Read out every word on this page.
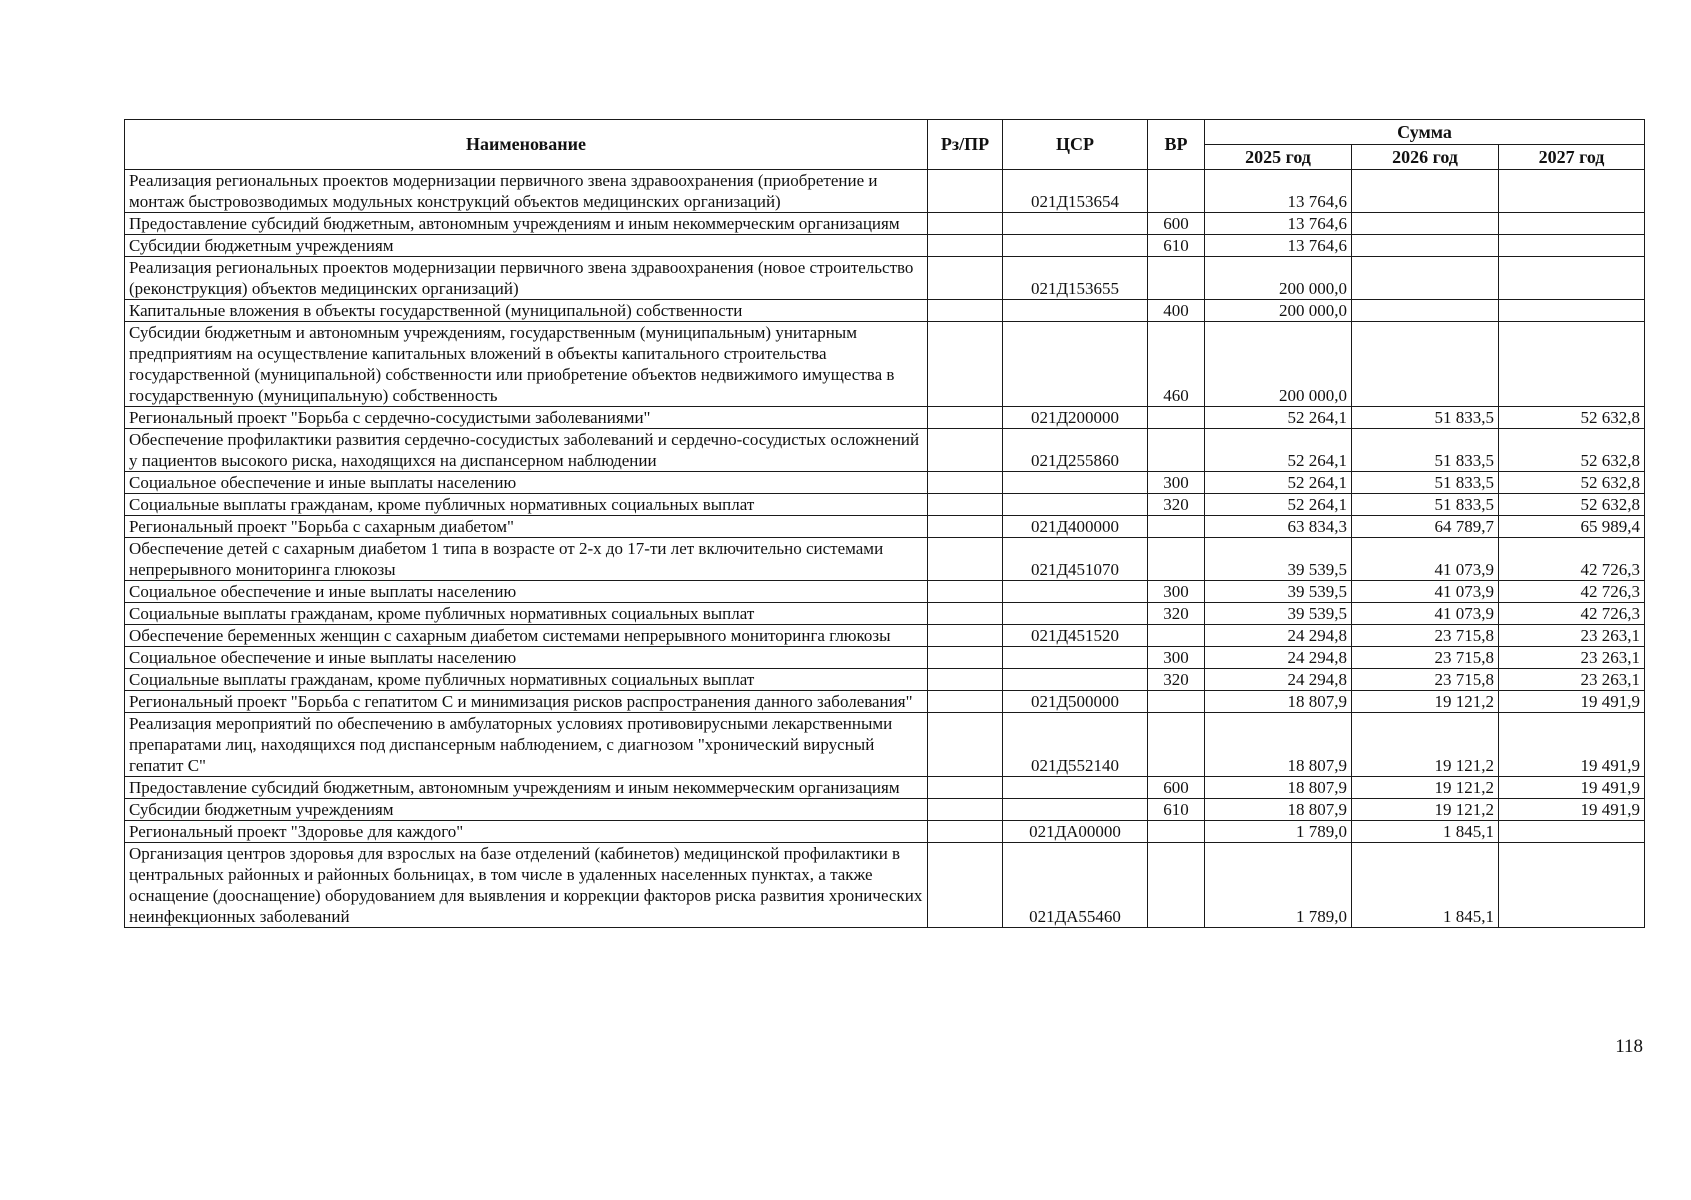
Наименование	Рз/ПР	ЦСР	ВР	Сумма		
				2025 год	2026 год	2027 год
Реализация региональных проектов модернизации первичного звена здравоохранения (приобретение и монтаж быстровозводимых модульных конструкций объектов медицинских организаций)		021Д153654		13 764,6		
Предоставление субсидий бюджетным, автономным учреждениям и иным некоммерческим организациям			600	13 764,6		
Субсидии бюджетным учреждениям			610	13 764,6		
Реализация региональных проектов модернизации первичного звена здравоохранения (новое строительство (реконструкция) объектов медицинских организаций)		021Д153655		200 000,0		
Капитальные вложения в объекты государственной (муниципальной) собственности			400	200 000,0		
Субсидии бюджетным и автономным учреждениям, государственным (муниципальным) унитарным предприятиям на осуществление капитальных вложений в объекты капитального строительства государственной (муниципальной) собственности или приобретение объектов недвижимого имущества в государственную (муниципальную) собственность			460	200 000,0		
Региональный проект "Борьба с сердечно-сосудистыми заболеваниями"		021Д200000		52 264,1	51 833,5	52 632,8
Обеспечение профилактики развития сердечно-сосудистых заболеваний и сердечно-сосудистых осложнений у пациентов высокого риска, находящихся на диспансерном наблюдении		021Д255860		52 264,1	51 833,5	52 632,8
Социальное обеспечение и иные выплаты населению			300	52 264,1	51 833,5	52 632,8
Социальные выплаты гражданам, кроме публичных нормативных социальных выплат			320	52 264,1	51 833,5	52 632,8
Региональный проект "Борьба с сахарным диабетом"		021Д400000		63 834,3	64 789,7	65 989,4
Обеспечение детей с сахарным диабетом 1 типа в возрасте от 2-х до 17-ти лет включительно системами непрерывного мониторинга глюкозы		021Д451070		39 539,5	41 073,9	42 726,3
Социальное обеспечение и иные выплаты населению			300	39 539,5	41 073,9	42 726,3
Социальные выплаты гражданам, кроме публичных нормативных социальных выплат			320	39 539,5	41 073,9	42 726,3
Обеспечение беременных женщин с сахарным диабетом системами непрерывного мониторинга глюкозы		021Д451520		24 294,8	23 715,8	23 263,1
Социальное обеспечение и иные выплаты населению			300	24 294,8	23 715,8	23 263,1
Социальные выплаты гражданам, кроме публичных нормативных социальных выплат			320	24 294,8	23 715,8	23 263,1
Региональный проект "Борьба с гепатитом С и минимизация рисков распространения данного заболевания"		021Д500000		18 807,9	19 121,2	19 491,9
Реализация мероприятий по обеспечению в амбулаторных условиях противовирусными лекарственными препаратами лиц, находящихся под диспансерным наблюдением, с диагнозом "хронический вирусный гепатит С"		021Д552140		18 807,9	19 121,2	19 491,9
Предоставление субсидий бюджетным, автономным учреждениям и иным некоммерческим организациям			600	18 807,9	19 121,2	19 491,9
Субсидии бюджетным учреждениям			610	18 807,9	19 121,2	19 491,9
Региональный проект "Здоровье для каждого"		021ДА00000		1 789,0	1 845,1	
Организация центров здоровья для взрослых на базе отделений (кабинетов) медицинской профилактики в центральных районных и районных больницах, в том числе в удаленных населенных пунктах, а также оснащение (дооснащение) оборудованием для выявления и коррекции факторов риска развития хронических неинфекционных заболеваний		021ДА55460		1 789,0	1 845,1	
118
